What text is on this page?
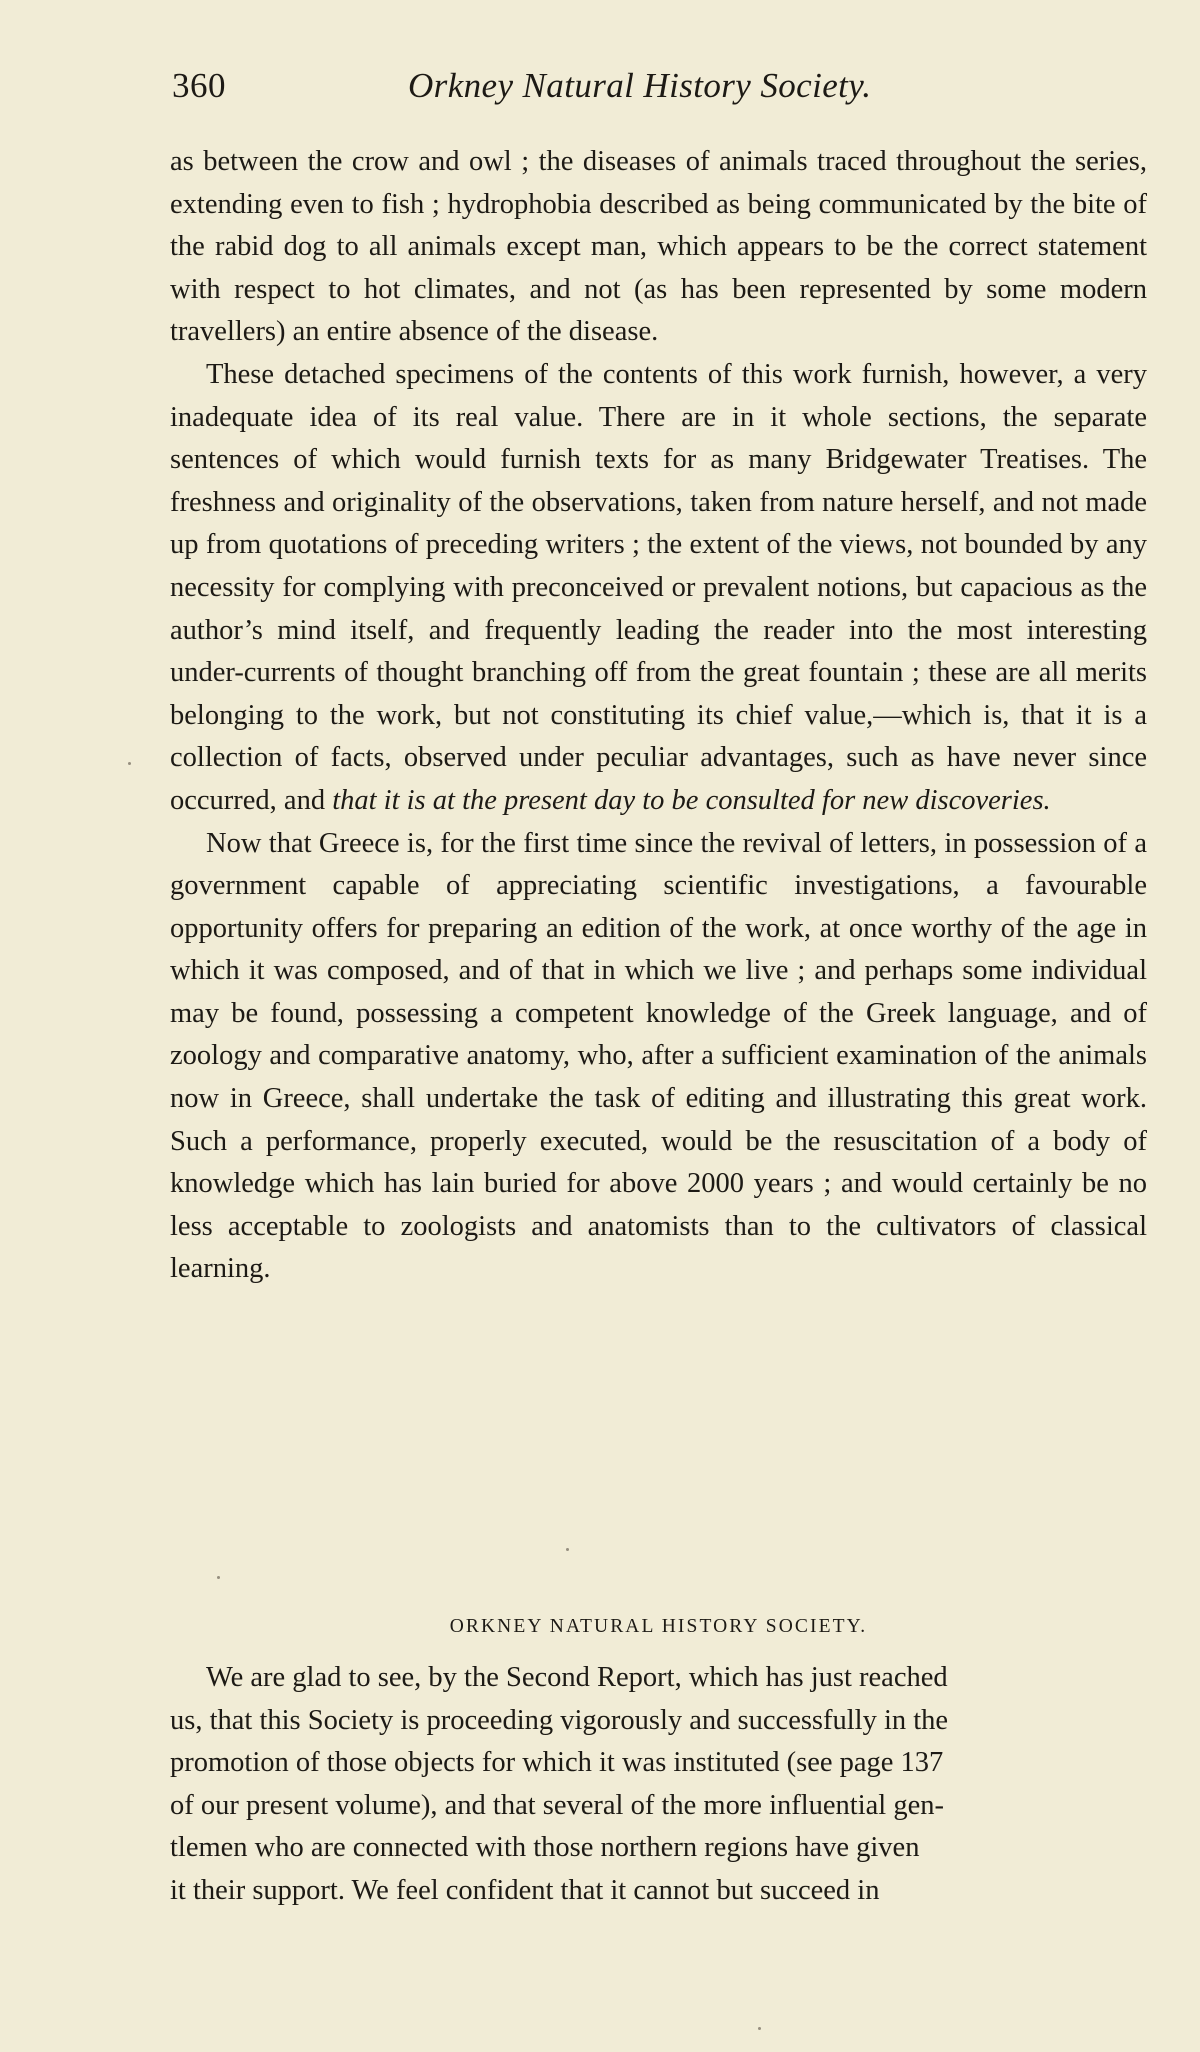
360	Orkney Natural History Society.

as between the crow and owl ; the diseases of animals traced throughout the series, extending even to fish ; hydrophobia described as being communicated by the bite of the rabid dog to all animals except man, which appears to be the correct statement with respect to hot climates, and not (as has been represented by some modern travellers) an entire absence of the disease.

These detached specimens of the contents of this work furnish, however, a very inadequate idea of its real value. There are in it whole sections, the separate sentences of which would furnish texts for as many Bridgewater Treatises. The freshness and originality of the observations, taken from nature herself, and not made up from quotations of preceding writers ; the extent of the views, not bounded by any necessity for complying with preconceived or prevalent notions, but capacious as the author’s mind itself, and frequently leading the reader into the most interesting under-currents of thought branching off from the great fountain ; these are all merits belonging to the work, but not constituting its chief value,—which is, that it is a collection of facts, observed under peculiar advantages, such as have never since occurred, and that it is at the present day to be consulted for new discoveries.

Now that Greece is, for the first time since the revival of letters, in possession of a government capable of appreciating scientific investigations, a favourable opportunity offers for preparing an edition of the work, at once worthy of the age in which it was composed, and of that in which we live ; and perhaps some individual may be found, possessing a competent knowledge of the Greek language, and of zoology and comparative anatomy, who, after a sufficient examination of the animals now in Greece, shall undertake the task of editing and illustrating this great work. Such a performance, properly executed, would be the resuscitation of a body of knowledge which has lain buried for above 2000 years ; and would certainly be no less acceptable to zoologists and anatomists than to the cultivators of classical learning.

ORKNEY NATURAL HISTORY SOCIETY.
We are glad to see, by the Second Report, which has just reached
us, that this Society is proceeding vigorously and successfully in the
promotion of those objects for which it was instituted (see page 137
of our present volume), and that several of the more influential gen-
tlemen who are connected with those northern regions have given
it their support. We feel confident that it cannot but succeed in
